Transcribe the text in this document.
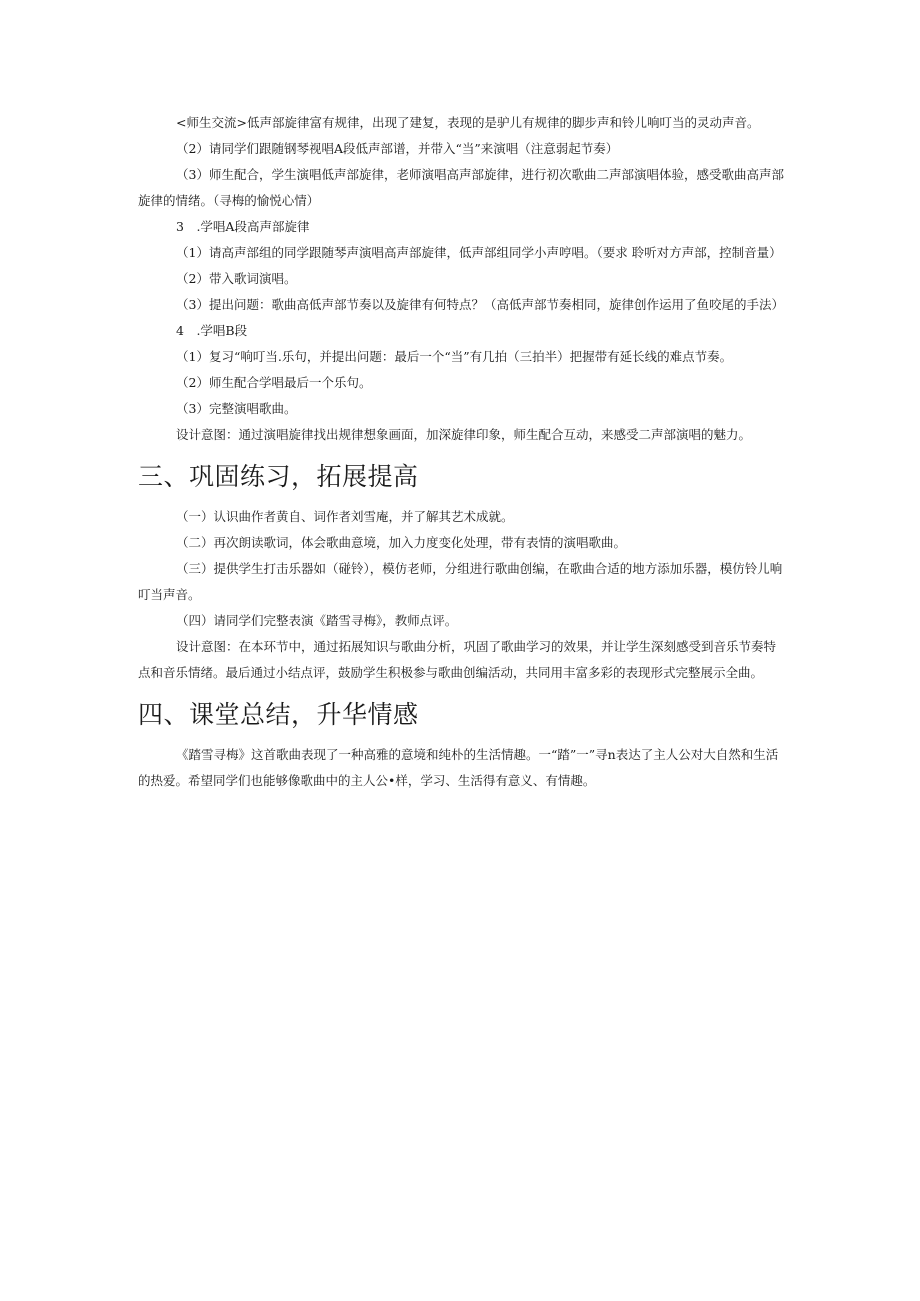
<师生交流>低声部旋律富有规律，出现了建复，表现的是驴儿有规律的脚步声和铃儿响叮当的灵动声音。

（2）请同学们跟随钢琴视唱A段低声部谱，并带入“当”来演唱（注意弱起节奏）

（3）师生配合，学生演唱低声部旋律，老师演唱高声部旋律，进行初次歌曲二声部演唱体验，感受歌曲高声部旋律的情绪。（寻梅的愉悦心情）

3　.学唱A段高声部旋律

（1）请高声部组的同学跟随琴声演唱高声部旋律，低声部组同学小声哼唱。（要求 聆听对方声部，控制音量）

（2）带入歌词演唱。

（3）提出问题：歌曲高低声部节奏以及旋律有何特点？（高低声部节奏相同，旋律创作运用了鱼咬尾的手法）

4　.学唱B段

（1）复习“响叮当.乐句，并提出问题：最后一个“当”有几拍（三拍半）把握带有延长线的难点节奏。

（2）师生配合学唱最后一个乐句。

（3）完整演唱歌曲。

设计意图：通过演唱旋律找出规律想象画面，加深旋律印象，师生配合互动，来感受二声部演唱的魅力。

三、巩固练习，拓展提高

（一）认识曲作者黄自、词作者刘雪庵，并了解其艺术成就。

（二）再次朗读歌词，体会歌曲意境，加入力度变化处理，带有表情的演唱歌曲。

（三）提供学生打击乐器如（碰铃），模仿老师，分组进行歌曲创编，在歌曲合适的地方添加乐器，模仿铃儿响叮当声音。

（四）请同学们完整表演《踏雪寻梅》，教师点评。

设计意图：在本环节中，通过拓展知识与歌曲分析，巩固了歌曲学习的效果，并让学生深刻感受到音乐节奏特点和音乐情绪。最后通过小结点评，鼓励学生积极参与歌曲创编活动，共同用丰富多彩的表现形式完整展示全曲。

四、课堂总结，升华情感

《踏雪寻梅》这首歌曲表现了一种高雅的意境和纯朴的生活情趣。一“踏”一”寻n表达了主人公对大自然和生活的热爱。希望同学们也能够像歌曲中的主人公•样，学习、生活得有意义、有情趣。
